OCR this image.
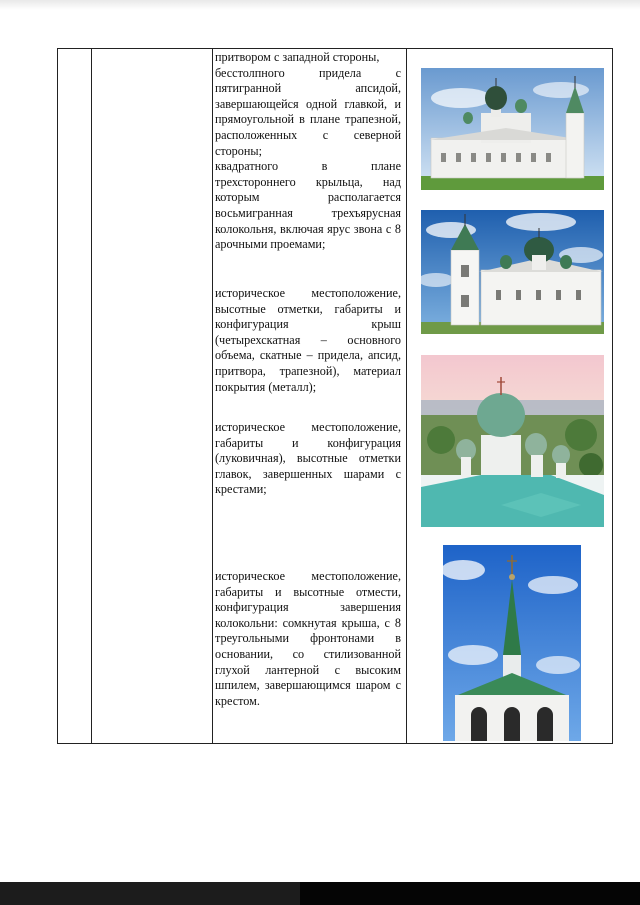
притвором с западной стороны,

бесстолпного придела с пятигранной апсидой, завершающейся одной главкой, и прямоугольной в плане трапезной, расположенных с северной стороны;

квадратного в плане трехстороннего крыльца, над которым располагается восьмигранная трехъярусная колокольня, включая ярус звона с 8 арочными проемами;

историческое местоположение, высотные отметки, габариты и конфигурация крыш (четырехскатная – основного объема, скатные – придела, апсид, притвора, трапезной), материал покрытия (металл);

историческое местоположение, габариты и конфигурация (луковичная), высотные отметки главок, завершенных шарами с крестами;

историческое местоположение, габариты и высотные отмести, конфигурация завершения колокольни: сомкнутая крыша, с 8 треугольными фронтонами в основании, со стилизованной глухой лантерной с высоким шпилем, завершающимся шаром с крестом.
